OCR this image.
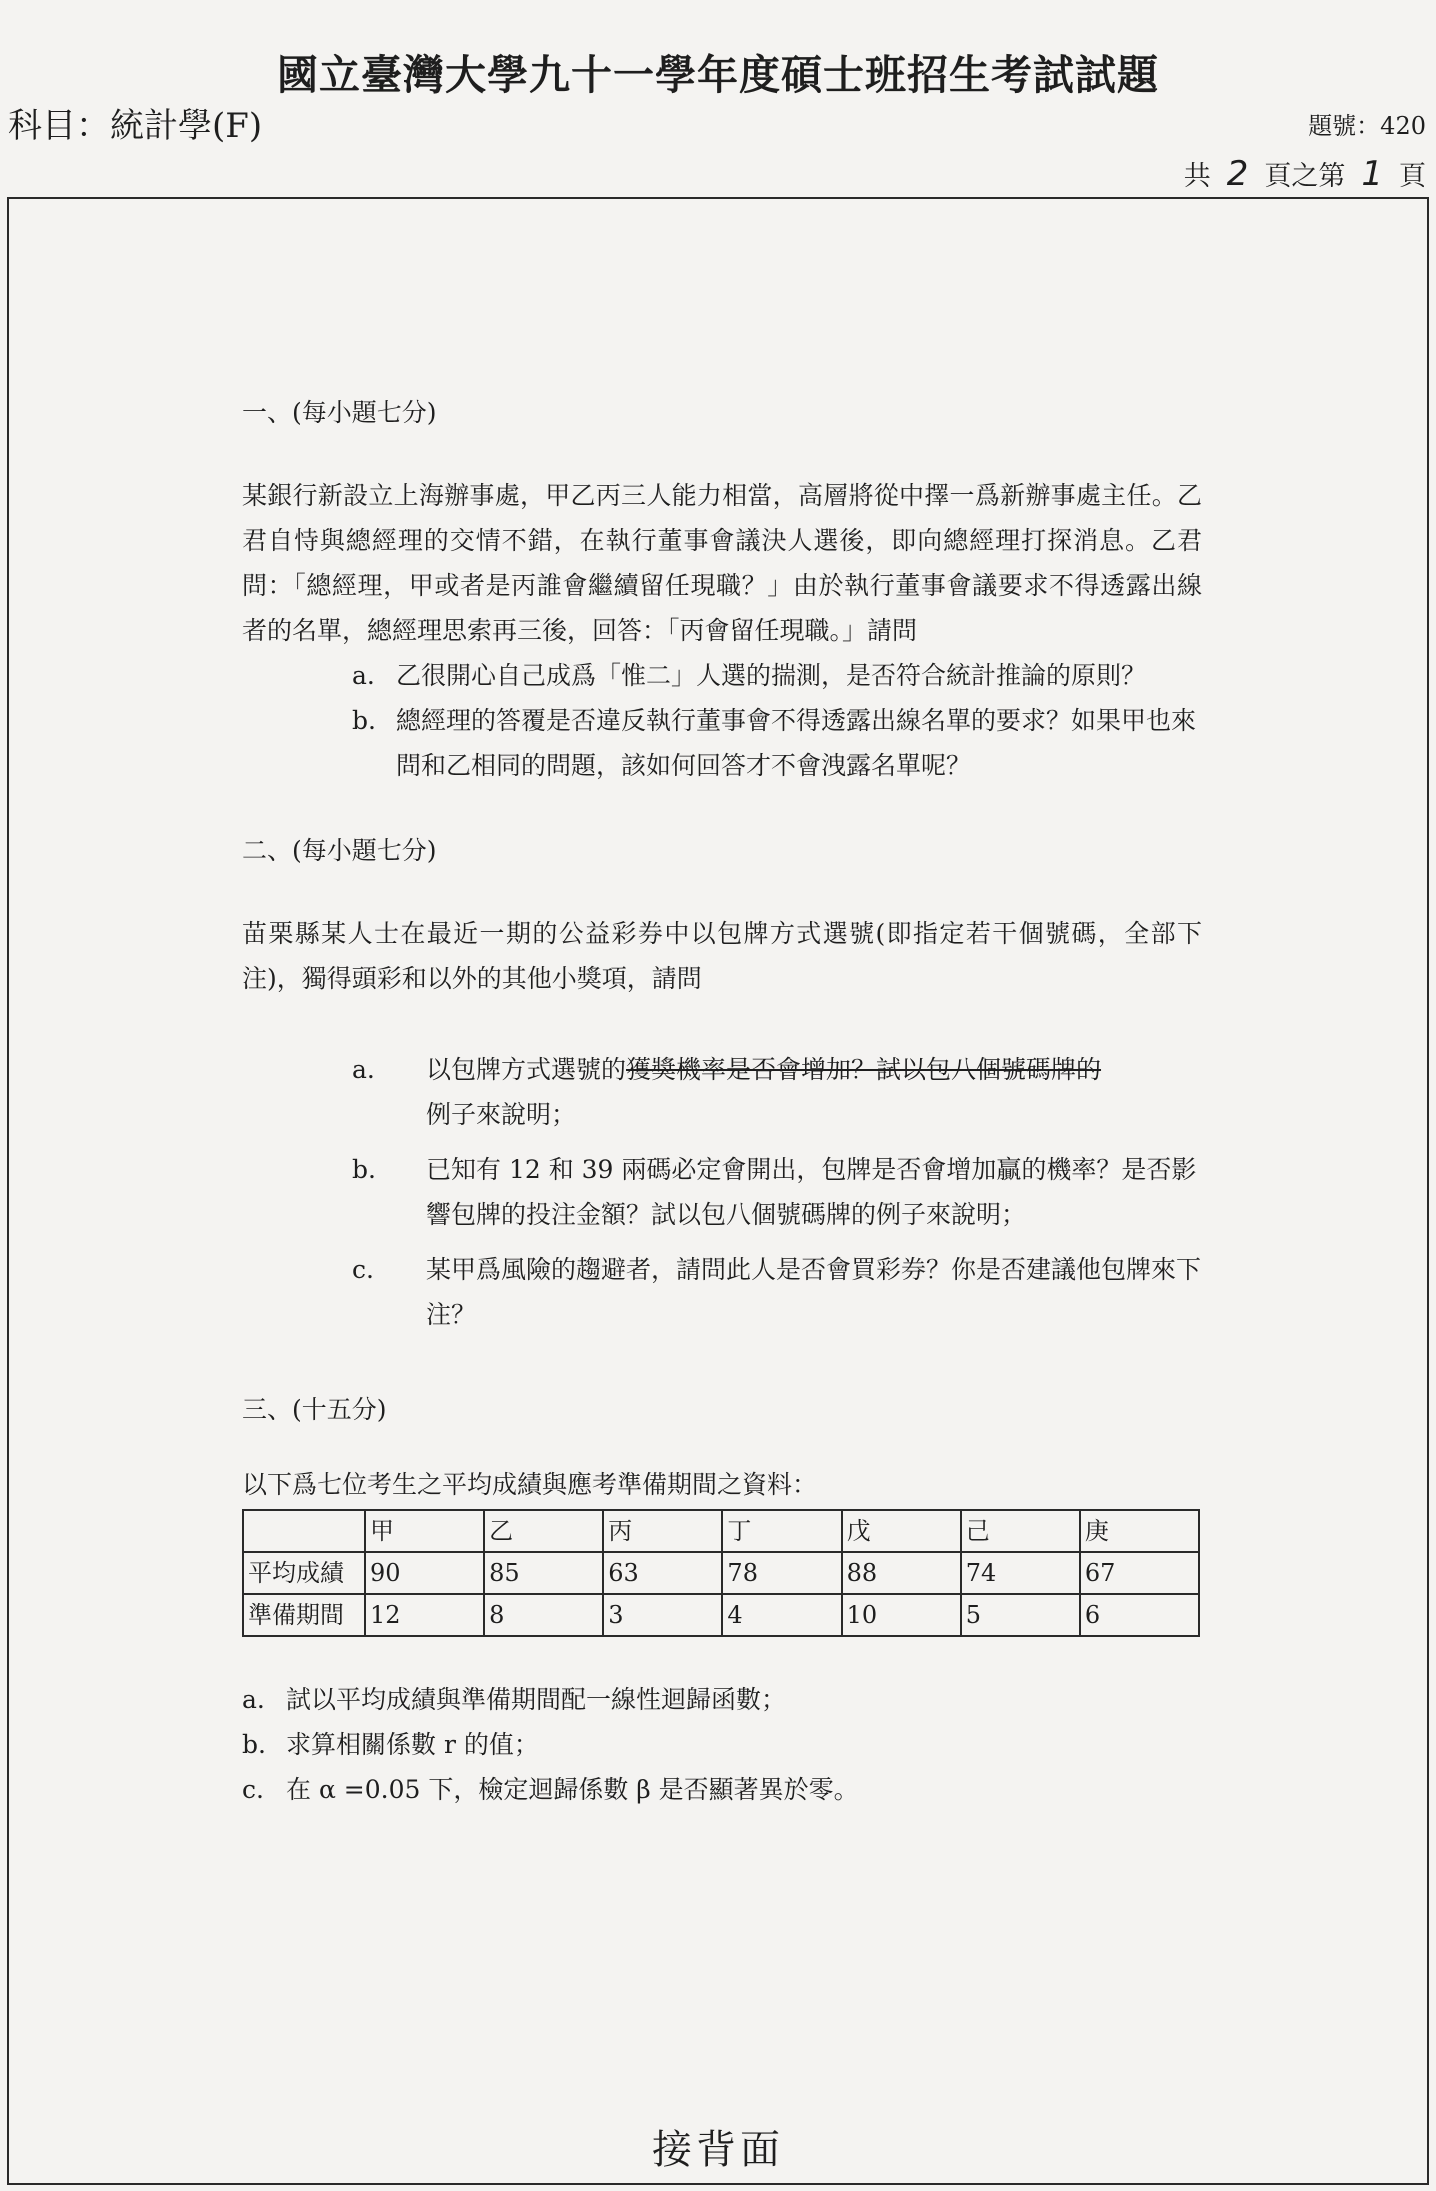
國立臺灣大學九十一學年度碩士班招生考試試題
科目：統計學(F)	題號：420
共 2 頁之第 1 頁

一、(每小題七分)

某銀行新設立上海辦事處，甲乙丙三人能力相當，高層將從中擇一爲新辦事處主任。乙君自恃與總經理的交情不錯，在執行董事會議決人選後，即向總經理打探消息。乙君問：「總經理，甲或者是丙誰會繼續留任現職？」由於執行董事會議要求不得透露出線者的名單，總經理思索再三後，回答：「丙會留任現職。」請問

a. 乙很開心自己成爲「惟二」人選的揣測，是否符合統計推論的原則？
b. 總經理的答覆是否違反執行董事會不得透露出線名單的要求？如果甲也來問和乙相同的問題，該如何回答才不會洩露名單呢？

二、(每小題七分)

苗栗縣某人士在最近一期的公益彩券中以包牌方式選號(即指定若干個號碼，全部下注)，獨得頭彩和以外的其他小獎項，請問

a.	以包牌方式選號的獲獎機率是否會增加？試以包八個號碼牌的
例子來說明；
b.	已知有 12 和 39 兩碼必定會開出，包牌是否會增加贏的機率？是否影響包牌的投注金額？試以包八個號碼牌的例子來說明；
c.	某甲爲風險的趨避者，請問此人是否會買彩券？你是否建議他包牌來下注？

三、(十五分)

以下爲七位考生之平均成績與應考準備期間之資料：

	甲	乙	丙	丁	戊	己	庚
平均成績	90	85	63	78	88	74	67
準備期間	12	8	3	4	10	5	6
a. 試以平均成績與準備期間配一線性迴歸函數；
b. 求算相關係數 r 的值；
c. 在 α =0.05 下，檢定迴歸係數 β 是否顯著異於零。
接背面
